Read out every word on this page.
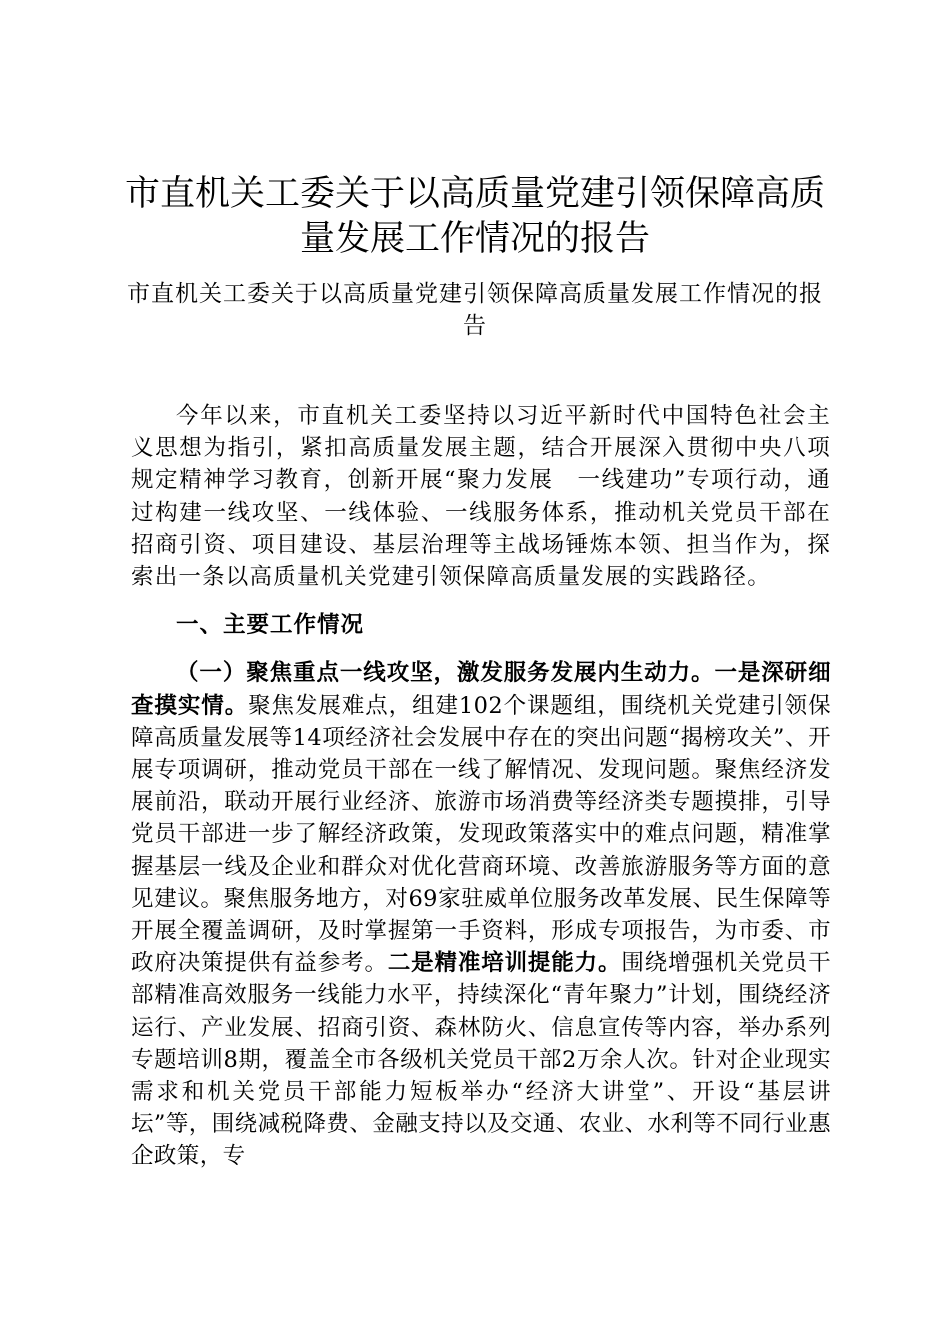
市直机关工委关于以高质量党建引领保障高质量发展工作情况的报告

市直机关工委关于以高质量党建引领保障高质量发展工作情况的报告

今年以来，市直机关工委坚持以习近平新时代中国特色社会主义思想为指引，紧扣高质量发展主题，结合开展深入贯彻中央八项规定精神学习教育，创新开展“聚力发展　一线建功”专项行动，通过构建一线攻坚、一线体验、一线服务体系，推动机关党员干部在招商引资、项目建设、基层治理等主战场锤炼本领、担当作为，探索出一条以高质量机关党建引领保障高质量发展的实践路径。

一、主要工作情况

（一）聚焦重点一线攻坚，激发服务发展内生动力。一是深研细查摸实情。聚焦发展难点，组建102个课题组，围绕机关党建引领保障高质量发展等14项经济社会发展中存在的突出问题“揭榜攻关”、开展专项调研，推动党员干部在一线了解情况、发现问题。聚焦经济发展前沿，联动开展行业经济、旅游市场消费等经济类专题摸排，引导党员干部进一步了解经济政策，发现政策落实中的难点问题，精准掌握基层一线及企业和群众对优化营商环境、改善旅游服务等方面的意见建议。聚焦服务地方，对69家驻威单位服务改革发展、民生保障等开展全覆盖调研，及时掌握第一手资料，形成专项报告，为市委、市政府决策提供有益参考。二是精准培训提能力。围绕增强机关党员干部精准高效服务一线能力水平，持续深化“青年聚力”计划，围绕经济运行、产业发展、招商引资、森林防火、信息宣传等内容，举办系列专题培训8期，覆盖全市各级机关党员干部2万余人次。针对企业现实需求和机关党员干部能力短板举办“经济大讲堂”、开设“基层讲坛”等，围绕减税降费、金融支持以及交通、农业、水利等不同行业惠企政策，专
